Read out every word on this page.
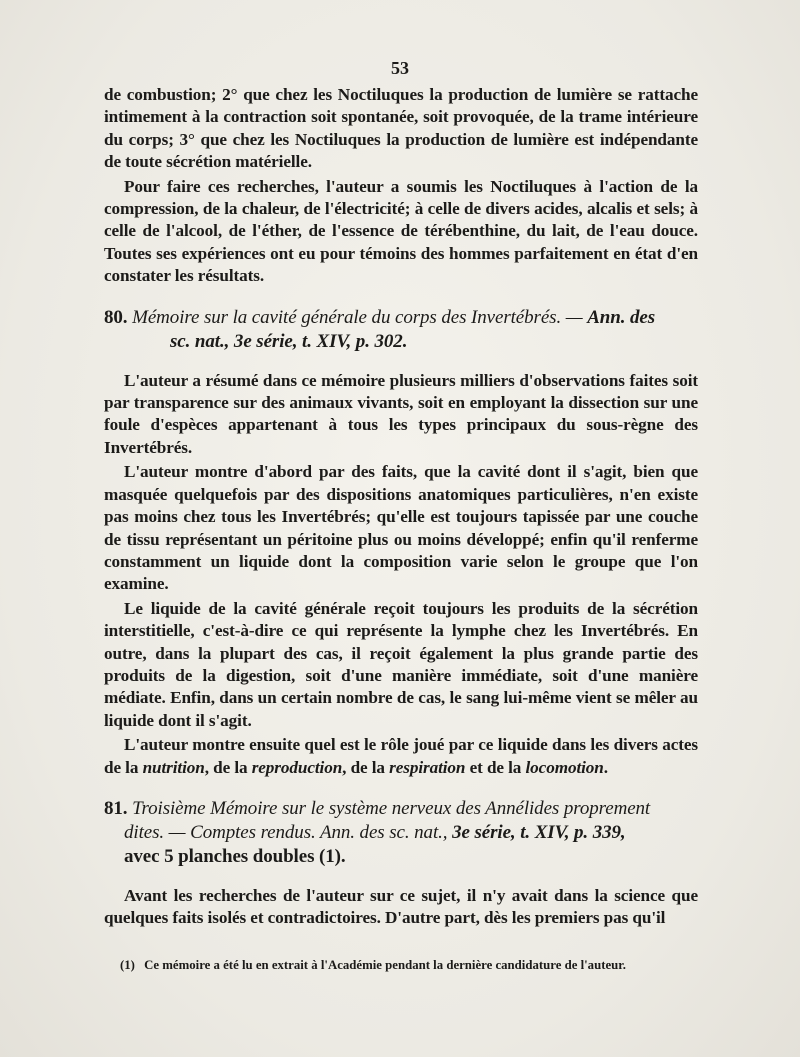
53

de combustion; 2° que chez les Noctiluques la production de lumière se rattache intimement à la contraction soit spontanée, soit provoquée, de la trame intérieure du corps; 3° que chez les Noctiluques la production de lumière est indépendante de toute sécrétion matérielle.

Pour faire ces recherches, l'auteur a soumis les Noctiluques à l'action de la compression, de la chaleur, de l'électricité; à celle de divers acides, alcalis et sels; à celle de l'alcool, de l'éther, de l'essence de térébenthine, du lait, de l'eau douce. Toutes ses expériences ont eu pour témoins des hommes parfaitement en état d'en constater les résultats.

80. Mémoire sur la cavité générale du corps des Invertébrés. — Ann. des
sc. nat., 3e série, t. XIV, p. 302.

L'auteur a résumé dans ce mémoire plusieurs milliers d'observations faites soit par transparence sur des animaux vivants, soit en employant la dissection sur une foule d'espèces appartenant à tous les types principaux du sous-règne des Invertébrés.

L'auteur montre d'abord par des faits, que la cavité dont il s'agit, bien que masquée quelquefois par des dispositions anatomiques particulières, n'en existe pas moins chez tous les Invertébrés; qu'elle est toujours tapissée par une couche de tissu représentant un péritoine plus ou moins développé; enfin qu'il renferme constamment un liquide dont la composition varie selon le groupe que l'on examine.

Le liquide de la cavité générale reçoit toujours les produits de la sécrétion interstitielle, c'est-à-dire ce qui représente la lymphe chez les Invertébrés. En outre, dans la plupart des cas, il reçoit également la plus grande partie des produits de la digestion, soit d'une manière immédiate, soit d'une manière médiate. Enfin, dans un certain nombre de cas, le sang lui-même vient se mêler au liquide dont il s'agit.

L'auteur montre ensuite quel est le rôle joué par ce liquide dans les divers actes de la nutrition, de la reproduction, de la respiration et de la locomotion.

81. Troisième Mémoire sur le système nerveux des Annélides proprement
dites. — Comptes rendus. Ann. des sc. nat., 3e série, t. XIV, p. 339,
avec 5 planches doubles (1).

Avant les recherches de l'auteur sur ce sujet, il n'y avait dans la science que quelques faits isolés et contradictoires. D'autre part, dès les premiers pas qu'il

(1) Ce mémoire a été lu en extrait à l'Académie pendant la dernière candidature de l'auteur.
